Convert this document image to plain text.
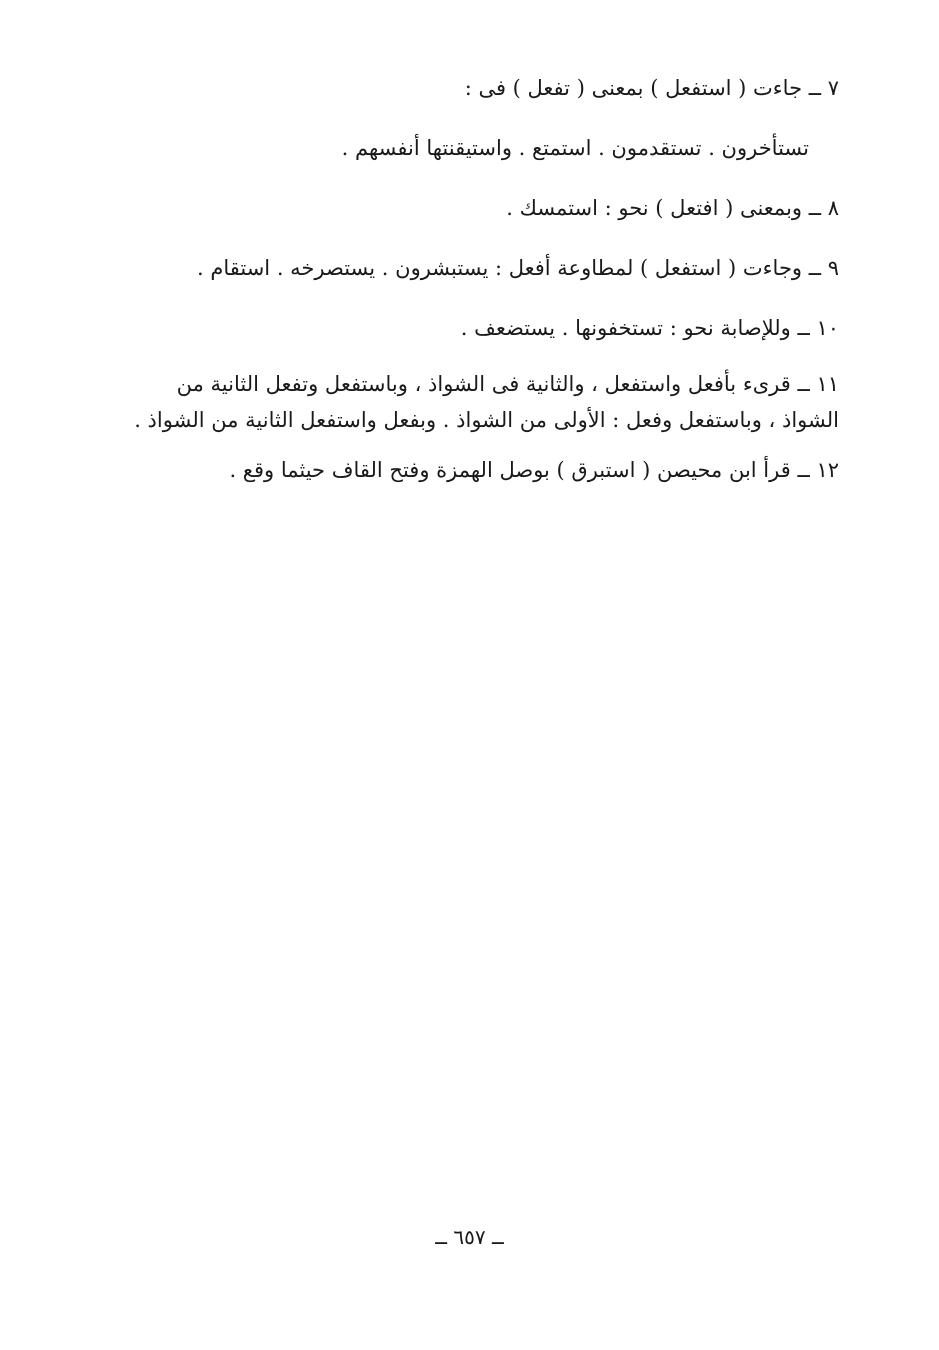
٧ ــ جاءت ( استفعل ) بمعنى ( تفعل ) فى :
تستأخرون . تستقدمون . استمتع . واستيقنتها أنفسهم .
٨ ــ وبمعنى ( افتعل ) نحو : استمسك .
٩ ــ وجاءت ( استفعل ) لمطاوعة أفعل : يستبشرون . يستصرخه . استقام .
١٠ ــ وللإصابة نحو : تستخفونها . يستضعف .
١١ ــ قرىء بأفعل واستفعل ، والثانية فى الشواذ ، وباستفعل وتفعل الثانية من
الشواذ ، وباستفعل وفعل : الأولى من الشواذ . وبفعل واستفعل الثانية من الشواذ .
١٢ ــ قرأ ابن محيصن ( استبرق ) بوصل الهمزة وفتح القاف حيثما وقع .
ــ ٦٥٧ ــ
